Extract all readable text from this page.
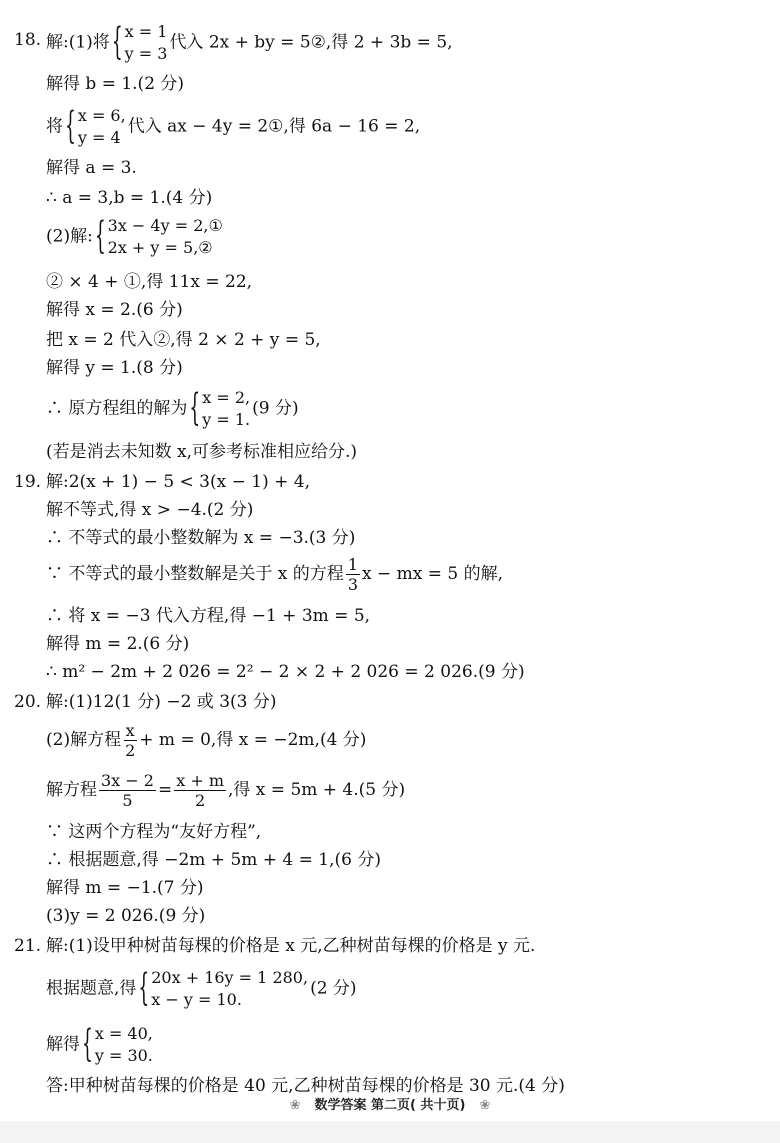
18. 解:(1)将 { x = 1
y = 3
代入 2x + by = 5②,得 2 + 3b = 5,
解得 b = 1.(2 分)
将 { x = 6,
y = 4
代入 ax − 4y = 2①,得 6a − 16 = 2,
解得 a = 3.
∴ a = 3,b = 1.(4 分)
(2)解: { 3x − 4y = 2,①
2x + y = 5,②
② × 4 + ①,得 11x = 22,
解得 x = 2.(6 分)
把 x = 2 代入②,得 2 × 2 + y = 5,
解得 y = 1.(8 分)
∴ 原方程组的解为 { x = 2,
y = 1.
(9 分)
(若是消去未知数 x,可参考标准相应给分.)
19. 解:2(x + 1) − 5 < 3(x − 1) + 4,
解不等式,得 x > −4.(2 分)
∴ 不等式的最小整数解为 x = −3.(3 分)
∵ 不等式的最小整数解是关于 x 的方程 $\frac{1}{3}$ x − mx = 5 的解,
∴ 将 x = −3 代入方程,得 −1 + 3m = 5,
解得 m = 2.(6 分)
∴ m² − 2m + 2 026 = 2² − 2 × 2 + 2 026 = 2 026.(9 分)
20. 解:(1)12(1 分) −2 或 3(3 分)
(2)解方程 $\frac{x}{2} + m = 0$,得 x = −2m,(4 分)
解方程 $\frac{3x - 2}{5} = \frac{x + m}{2}$ ,得 x = 5m + 4.(5 分)
∵ 这两个方程为“友好方程”,
∴ 根据题意,得 −2m + 5m + 4 = 1,(6 分)
解得 m = −1.(7 分)
(3)y = 2 026.(9 分)
21. 解:(1)设甲种树苗每棵的价格是 x 元,乙种树苗每棵的价格是 y 元.
根据题意,得 { 20x + 16y = 1 280,
x − y = 10.
(2 分)
解得 { x = 40,
y = 30.
答:甲种树苗每棵的价格是 40 元,乙种树苗每棵的价格是 30 元.(4 分)
❀ 数学答案 第二页( 共十页) ❀
